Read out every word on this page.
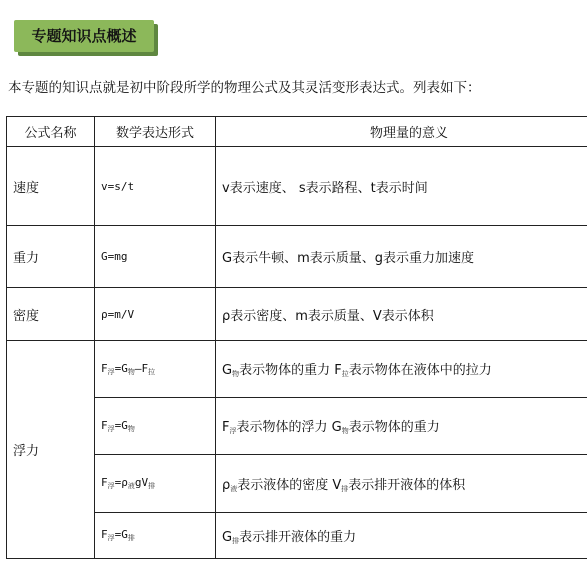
专题知识点概述
本专题的知识点就是初中阶段所学的物理公式及其灵活变形表达式。列表如下：
公式名称	数学表达形式	物理量的意义
速度	v=s/t	v表示速度、 s表示路程、t表示时间
重力	G=mg	G表示牛顿、m表示质量、g表示重力加速度
密度	ρ=m/V	ρ表示密度、m表示质量、V表示体积
浮力	$F_浮=G_物—F_拉$	$G_物$表示物体的重力 $F_拉$表示物体在液体中的拉力
	$F_浮=G_物$	$F_浮$表示物体的浮力 $G_物$表示物体的重力
	$F_浮=\rho_液gV_排$	$\rho_液$表示液体的密度 $V_排$表示排开液体的体积
	$F_浮=G_排$	$G_排$表示排开液体的重力
